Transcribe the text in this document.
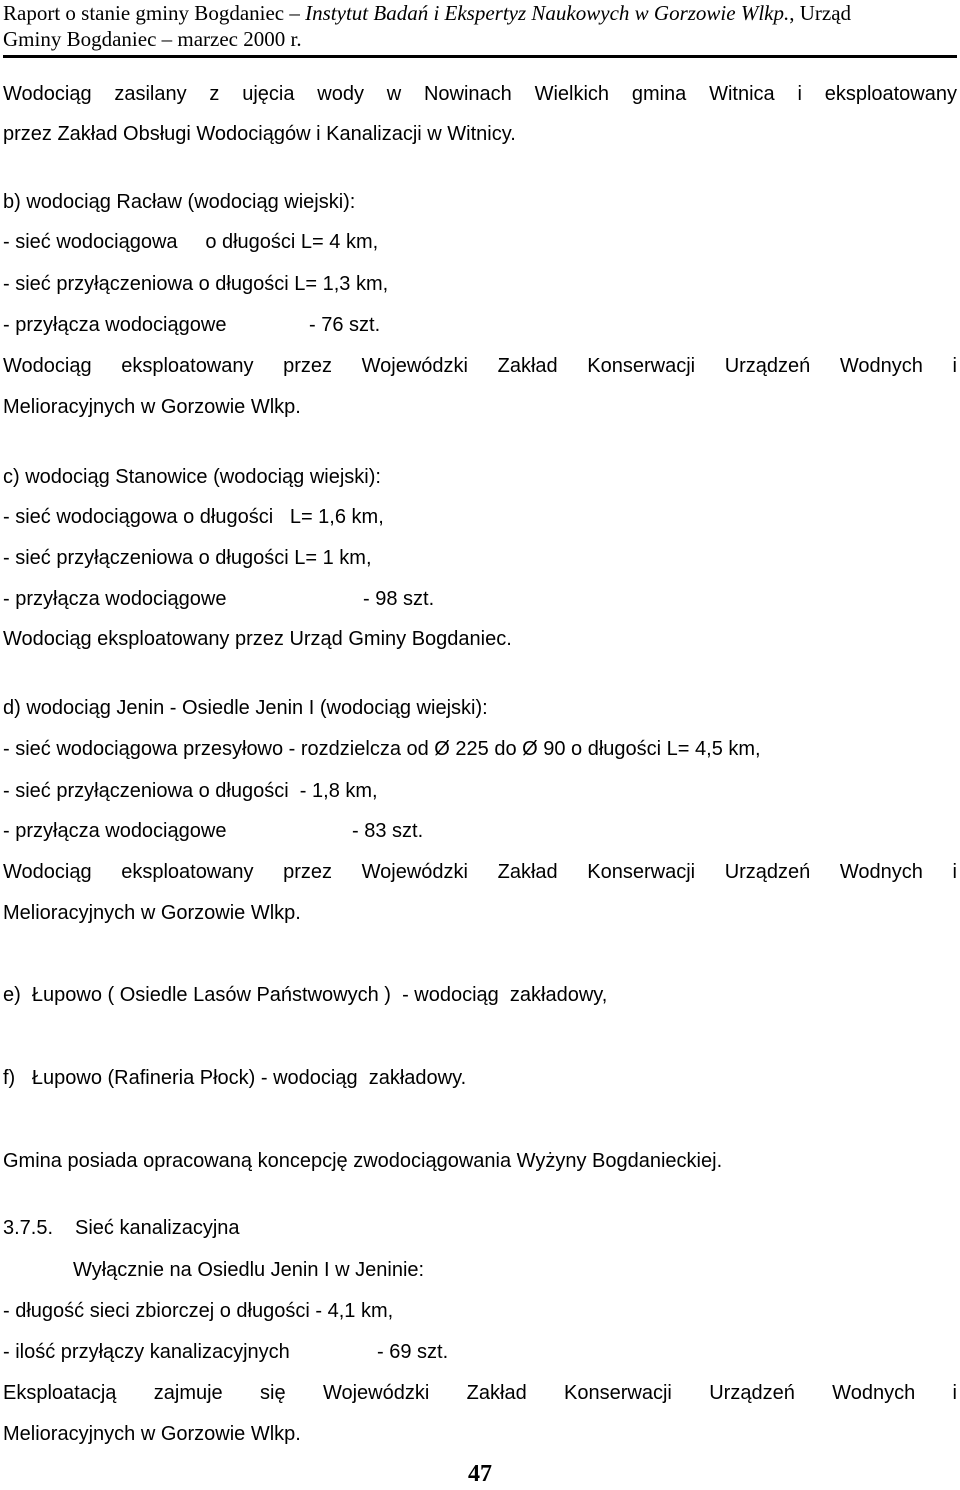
Raport o stanie gminy Bogdaniec – Instytut Badań i Ekspertyz Naukowych w Gorzowie Wlkp., Urząd
Gminy Bogdaniec – marzec 2000 r.
Wodociąg zasilany z ujęcia wody w Nowinach Wielkich gmina Witnica i eksploatowany
przez Zakład Obsługi Wodociągów i Kanalizacji w Witnicy.
b) wodociąg Racław (wodociąg wiejski):
- sieć wodociągowa     o długości L= 4 km,
- sieć przyłączeniowa o długości L= 1,3 km,
- przyłącza wodociągowe	- 76 szt.
Wodociąg eksploatowany przez Wojewódzki Zakład Konserwacji Urządzeń Wodnych i
Melioracyjnych w Gorzowie Wlkp.
c) wodociąg Stanowice (wodociąg wiejski):
- sieć wodociągowa o długości   L= 1,6 km,
- sieć przyłączeniowa o długości L= 1 km,
- przyłącza wodociągowe	- 98 szt.
Wodociąg eksploatowany przez Urząd Gminy Bogdaniec.
d) wodociąg Jenin - Osiedle Jenin I (wodociąg wiejski):
- sieć wodociągowa przesyłowo - rozdzielcza od Ø 225 do Ø 90 o długości L= 4,5 km,
- sieć przyłączeniowa o długości  - 1,8 km,
- przyłącza wodociągowe	- 83 szt.
Wodociąg eksploatowany przez Wojewódzki Zakład Konserwacji Urządzeń Wodnych i
Melioracyjnych w Gorzowie Wlkp.
e)  Łupowo ( Osiedle Lasów Państwowych )  - wodociąg  zakładowy,
f)   Łupowo (Rafineria Płock) - wodociąg  zakładowy.
Gmina posiada opracowaną koncepcję zwodociągowania Wyżyny Bogdanieckiej.
3.7.5. Sieć kanalizacyjna
Wyłącznie na Osiedlu Jenin I w Jeninie:
- długość sieci zbiorczej o długości - 4,1 km,
- ilość przyłączy kanalizacyjnych	- 69 szt.
Eksploatacją zajmuje się Wojewódzki Zakład Konserwacji Urządzeń Wodnych i
Melioracyjnych w Gorzowie Wlkp.
47
